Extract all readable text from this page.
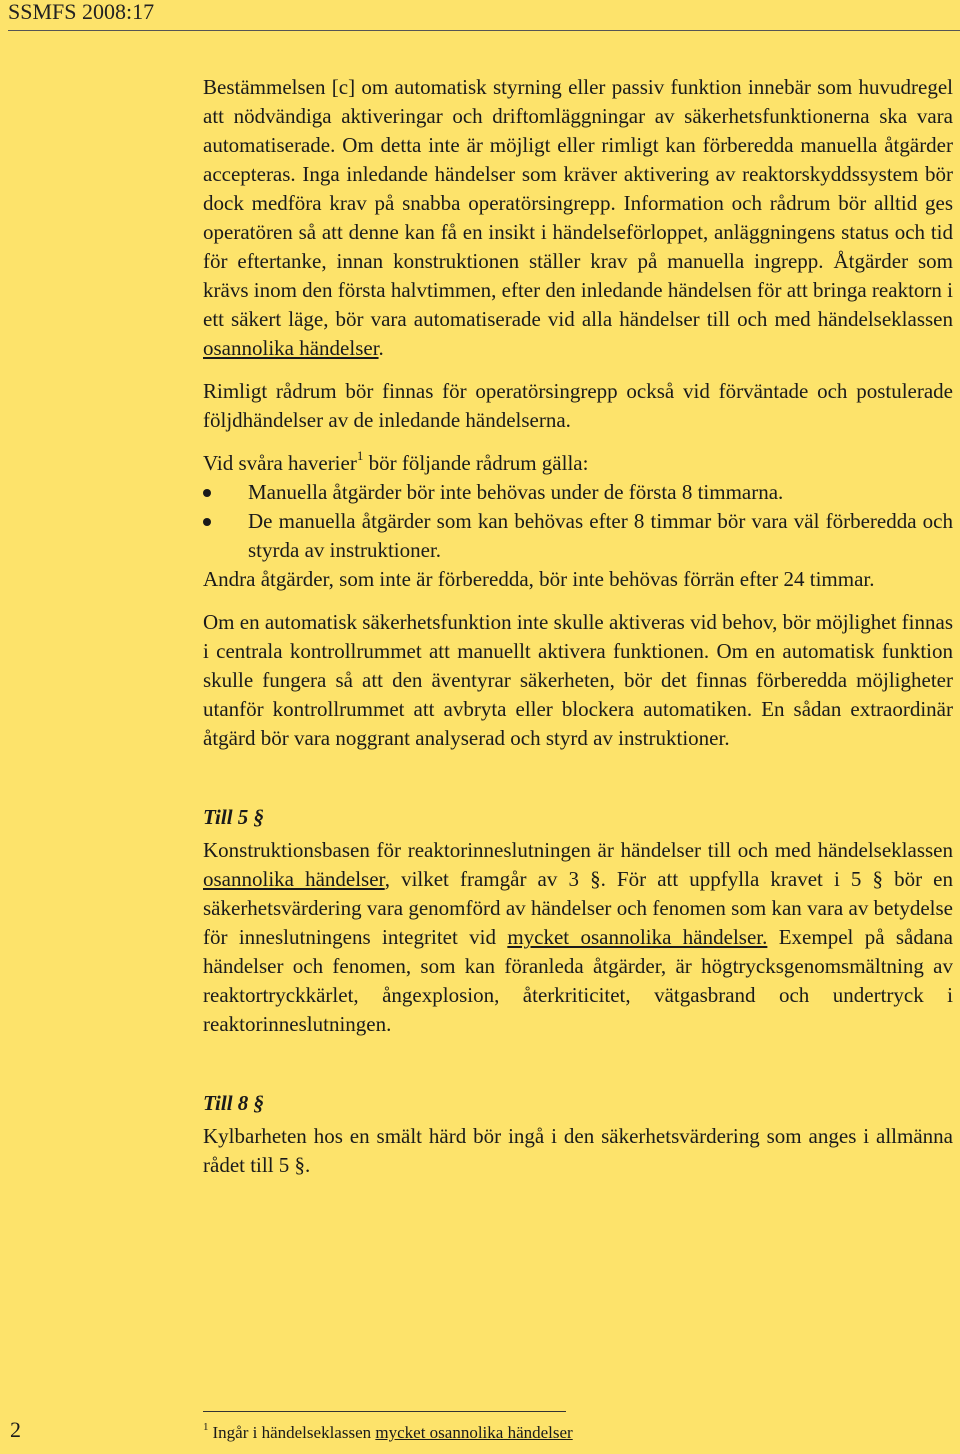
SSMFS 2008:17

Bestämmelsen [c] om automatisk styrning eller passiv funktion innebär som huvudregel att nödvändiga aktiveringar och driftomläggningar av säkerhetsfunktionerna ska vara automatiserade. Om detta inte är möjligt eller rimligt kan förberedda manuella åtgärder accepteras. Inga inledande händelser som kräver aktivering av reaktorskyddssystem bör dock medföra krav på snabba operatörsingrepp. Information och rådrum bör alltid ges operatören så att denne kan få en insikt i händelseförloppet, anläggningens status och tid för eftertanke, innan konstruktionen ställer krav på manuella ingrepp. Åtgärder som krävs inom den första halvtimmen, efter den inledande händelsen för att bringa reaktorn i ett säkert läge, bör vara automatiserade vid alla händelser till och med händelseklassen osannolika händelser.

Rimligt rådrum bör finnas för operatörsingrepp också vid förväntade och postulerade följdhändelser av de inledande händelserna.

Vid svåra haverier$^1$ bör följande rådrum gälla:

Manuella åtgärder bör inte behövas under de första 8 timmarna.
De manuella åtgärder som kan behövas efter 8 timmar bör vara väl förberedda och styrda av instruktioner.

Andra åtgärder, som inte är förberedda, bör inte behövas förrän efter 24 timmar.

Om en automatisk säkerhetsfunktion inte skulle aktiveras vid behov, bör möjlighet finnas i centrala kontrollrummet att manuellt aktivera funktionen. Om en automatisk funktion skulle fungera så att den äventyrar säkerheten, bör det finnas förberedda möjligheter utanför kontrollrummet att avbryta eller blockera automatiken. En sådan extraordinär åtgärd bör vara noggrant analyserad och styrd av instruktioner.

Till 5 §

Konstruktionsbasen för reaktorinneslutningen är händelser till och med händelseklassen osannolika händelser, vilket framgår av 3 §. För att uppfylla kravet i 5 § bör en säkerhetsvärdering vara genomförd av händelser och fenomen som kan vara av betydelse för inneslutningens integritet vid mycket osannolika händelser. Exempel på sådana händelser och fenomen, som kan föranleda åtgärder, är högtrycksgenomsmältning av reaktortryckkärlet, ångexplosion, återkriticitet, vätgasbrand och undertryck i reaktorinneslutningen.

Till 8 §

Kylbarheten hos en smält härd bör ingå i den säkerhetsvärdering som anges i allmänna rådet till 5 §.

$^1$ Ingår i händelseklassen mycket osannolika händelser
2
